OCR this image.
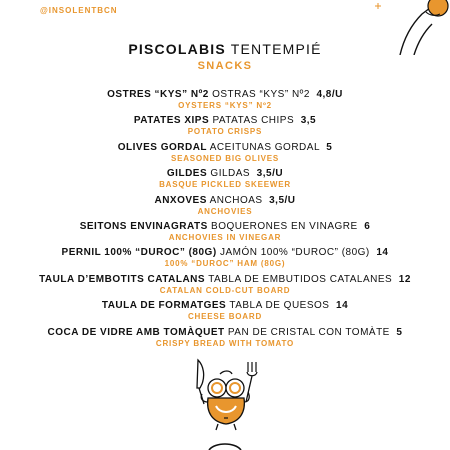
@INSOLENTBCN
PISCOLABIS TENTEMPIÉ
SNACKS
OSTRES “KYS” Nº2 OSTRAS “KYS” Nº2 4,8/U
OYSTERS “KYS” Nº2
PATATES XIPS PATATAS CHIPS 3,5
POTATO CRISPS
OLIVES GORDAL ACEITUNAS GORDAL 5
SEASONED BIG OLIVES
GILDES GILDAS 3,5/U
BASQUE PICKLED SKEEWER
ANXOVES ANCHOAS 3,5/U
ANCHOVIES
SEITONS ENVINAGRATS BOQUERONES EN VINAGRE 6
ANCHOVIES IN VINEGAR
PERNIL 100% “DUROC” (80G) JAMÓN 100% “DUROC” (80G) 14
100% “DUROC” HAM (80G)
TAULA D’EMBOTITS CATALANS TABLA DE EMBUTIDOS CATALANES 12
CATALAN COLD-CUT BOARD
TAULA DE FORMATGES TABLA DE QUESOS 14
CHEESE BOARD
COCA DE VIDRE AMB TOMÀQUET PAN DE CRISTAL CON TOMÀTE 5
CRISPY BREAD WITH TOMATO
